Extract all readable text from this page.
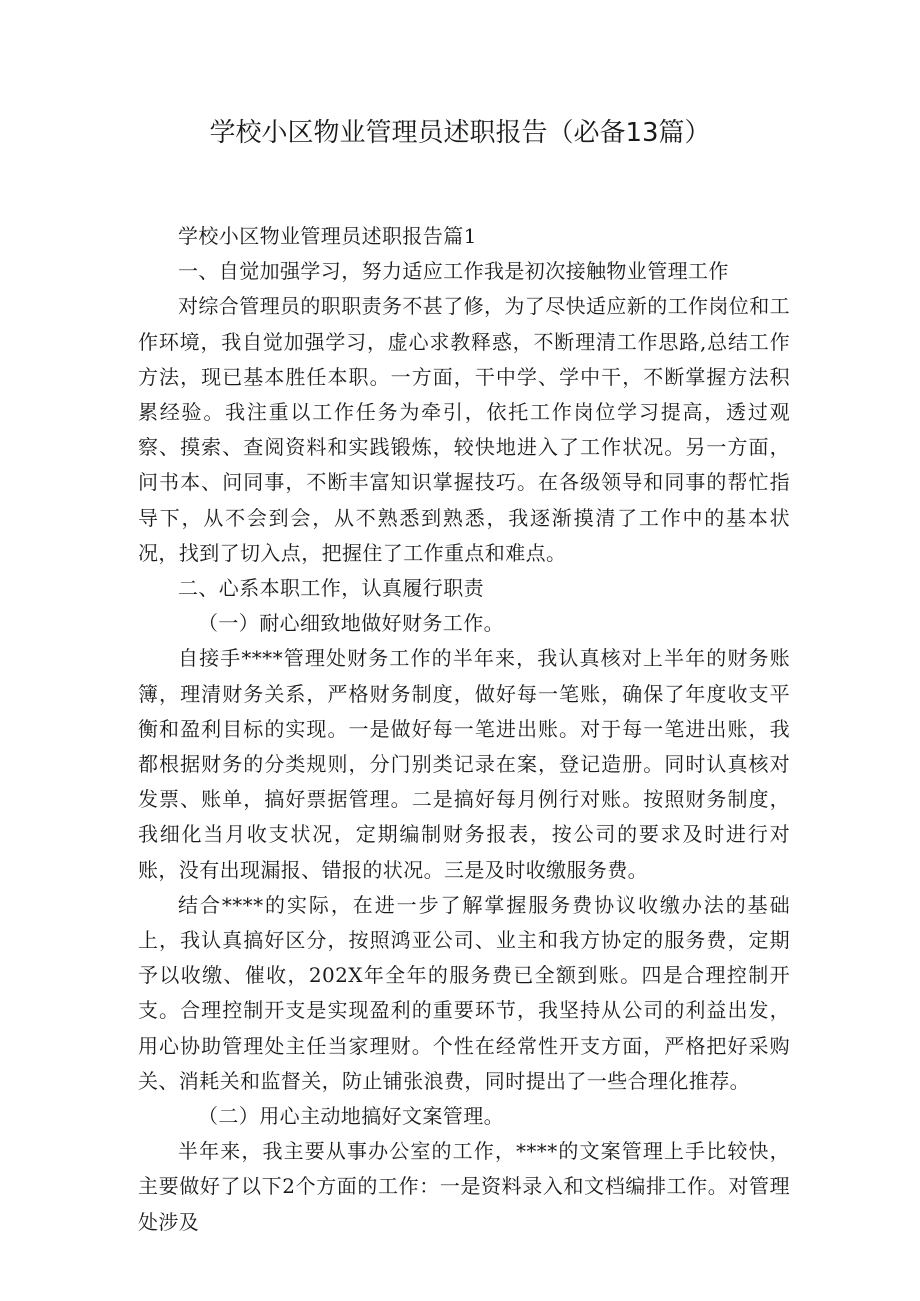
学校小区物业管理员述职报告（必备13篇）

学校小区物业管理员述职报告篇1

一、自觉加强学习，努力适应工作我是初次接触物业管理工作

对综合管理员的职职责务不甚了修，为了尽快适应新的工作岗位和工作环境，我自觉加强学习，虚心求教释惑，不断理清工作思路,总结工作方法，现已基本胜任本职。一方面，干中学、学中干，不断掌握方法积累经验。我注重以工作任务为牵引，依托工作岗位学习提高，透过观察、摸索、查阅资料和实践锻炼，较快地进入了工作状况。另一方面，问书本、问同事，不断丰富知识掌握技巧。在各级领导和同事的帮忙指导下，从不会到会，从不熟悉到熟悉，我逐渐摸清了工作中的基本状况，找到了切入点，把握住了工作重点和难点。

二、心系本职工作，认真履行职责

（一）耐心细致地做好财务工作。

自接手****管理处财务工作的半年来，我认真核对上半年的财务账簿，理清财务关系，严格财务制度，做好每一笔账，确保了年度收支平衡和盈利目标的实现。一是做好每一笔进出账。对于每一笔进出账，我都根据财务的分类规则，分门别类记录在案，登记造册。同时认真核对发票、账单，搞好票据管理。二是搞好每月例行对账。按照财务制度，我细化当月收支状况，定期编制财务报表，按公司的要求及时进行对账，没有出现漏报、错报的状况。三是及时收缴服务费。

结合****的实际，在进一步了解掌握服务费协议收缴办法的基础上，我认真搞好区分，按照鸿亚公司、业主和我方协定的服务费，定期予以收缴、催收，202X年全年的服务费已全额到账。四是合理控制开支。合理控制开支是实现盈利的重要环节，我坚持从公司的利益出发，用心协助管理处主任当家理财。个性在经常性开支方面，严格把好采购关、消耗关和监督关，防止铺张浪费，同时提出了一些合理化推荐。

（二）用心主动地搞好文案管理。

半年来，我主要从事办公室的工作，****的文案管理上手比较快，主要做好了以下2个方面的工作：一是资料录入和文档编排工作。对管理处涉及
